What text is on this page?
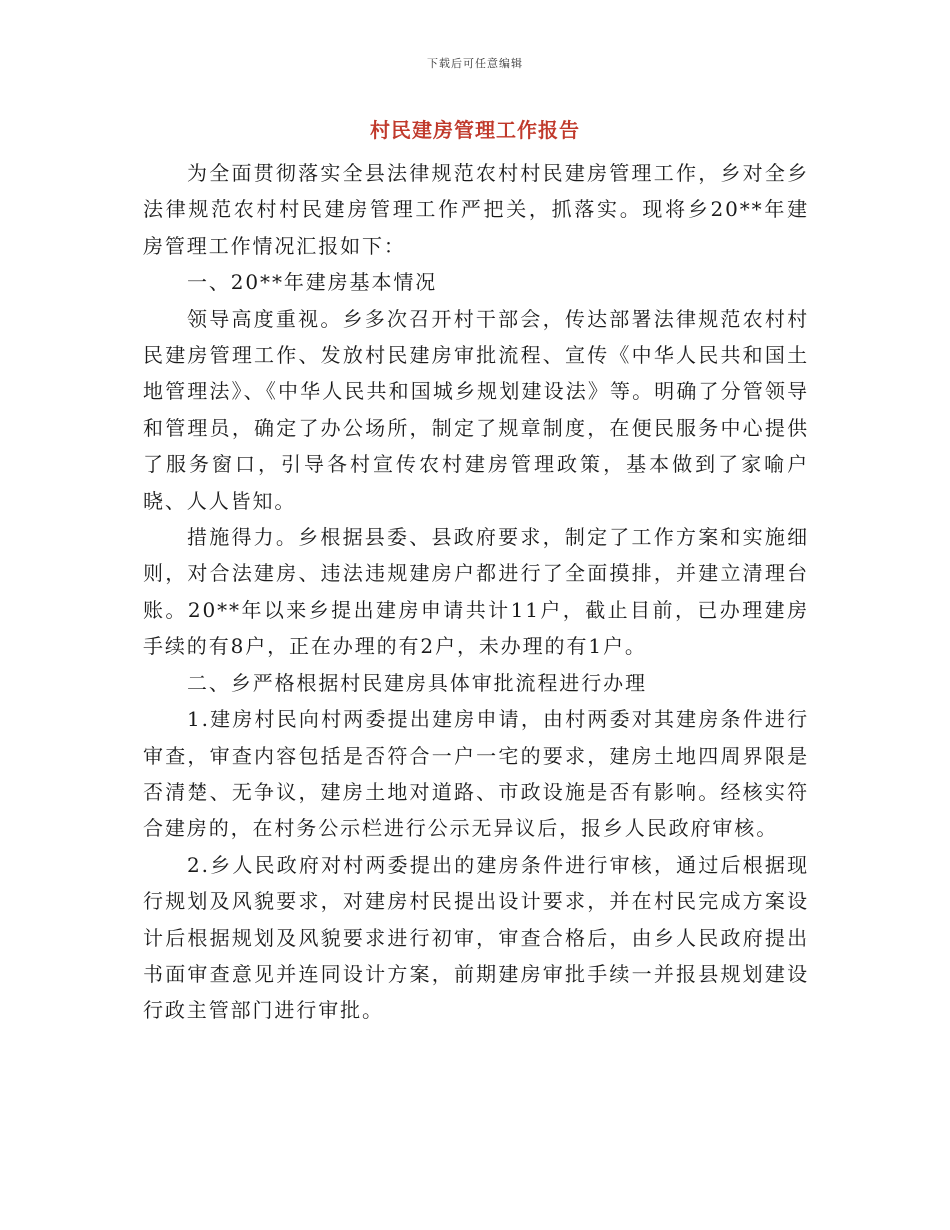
下载后可任意编辑
村民建房管理工作报告

为全面贯彻落实全县法律规范农村村民建房管理工作，乡对全乡法律规范农村村民建房管理工作严把关，抓落实。现将乡20**年建房管理工作情况汇报如下：

一、20**年建房基本情况

领导高度重视。乡多次召开村干部会，传达部署法律规范农村村民建房管理工作、发放村民建房审批流程、宣传《中华人民共和国土地管理法》、《中华人民共和国城乡规划建设法》等。明确了分管领导和管理员，确定了办公场所，制定了规章制度，在便民服务中心提供了服务窗口，引导各村宣传农村建房管理政策，基本做到了家喻户晓、人人皆知。

措施得力。乡根据县委、县政府要求，制定了工作方案和实施细则，对合法建房、违法违规建房户都进行了全面摸排，并建立清理台账。20**年以来乡提出建房申请共计11户，截止目前，已办理建房手续的有8户，正在办理的有2户，未办理的有1户。

二、乡严格根据村民建房具体审批流程进行办理

1.建房村民向村两委提出建房申请，由村两委对其建房条件进行审查，审查内容包括是否符合一户一宅的要求，建房土地四周界限是否清楚、无争议，建房土地对道路、市政设施是否有影响。经核实符合建房的，在村务公示栏进行公示无异议后，报乡人民政府审核。

2.乡人民政府对村两委提出的建房条件进行审核，通过后根据现行规划及风貌要求，对建房村民提出设计要求，并在村民完成方案设计后根据规划及风貌要求进行初审，审查合格后，由乡人民政府提出书面审查意见并连同设计方案，前期建房审批手续一并报县规划建设行政主管部门进行审批。
